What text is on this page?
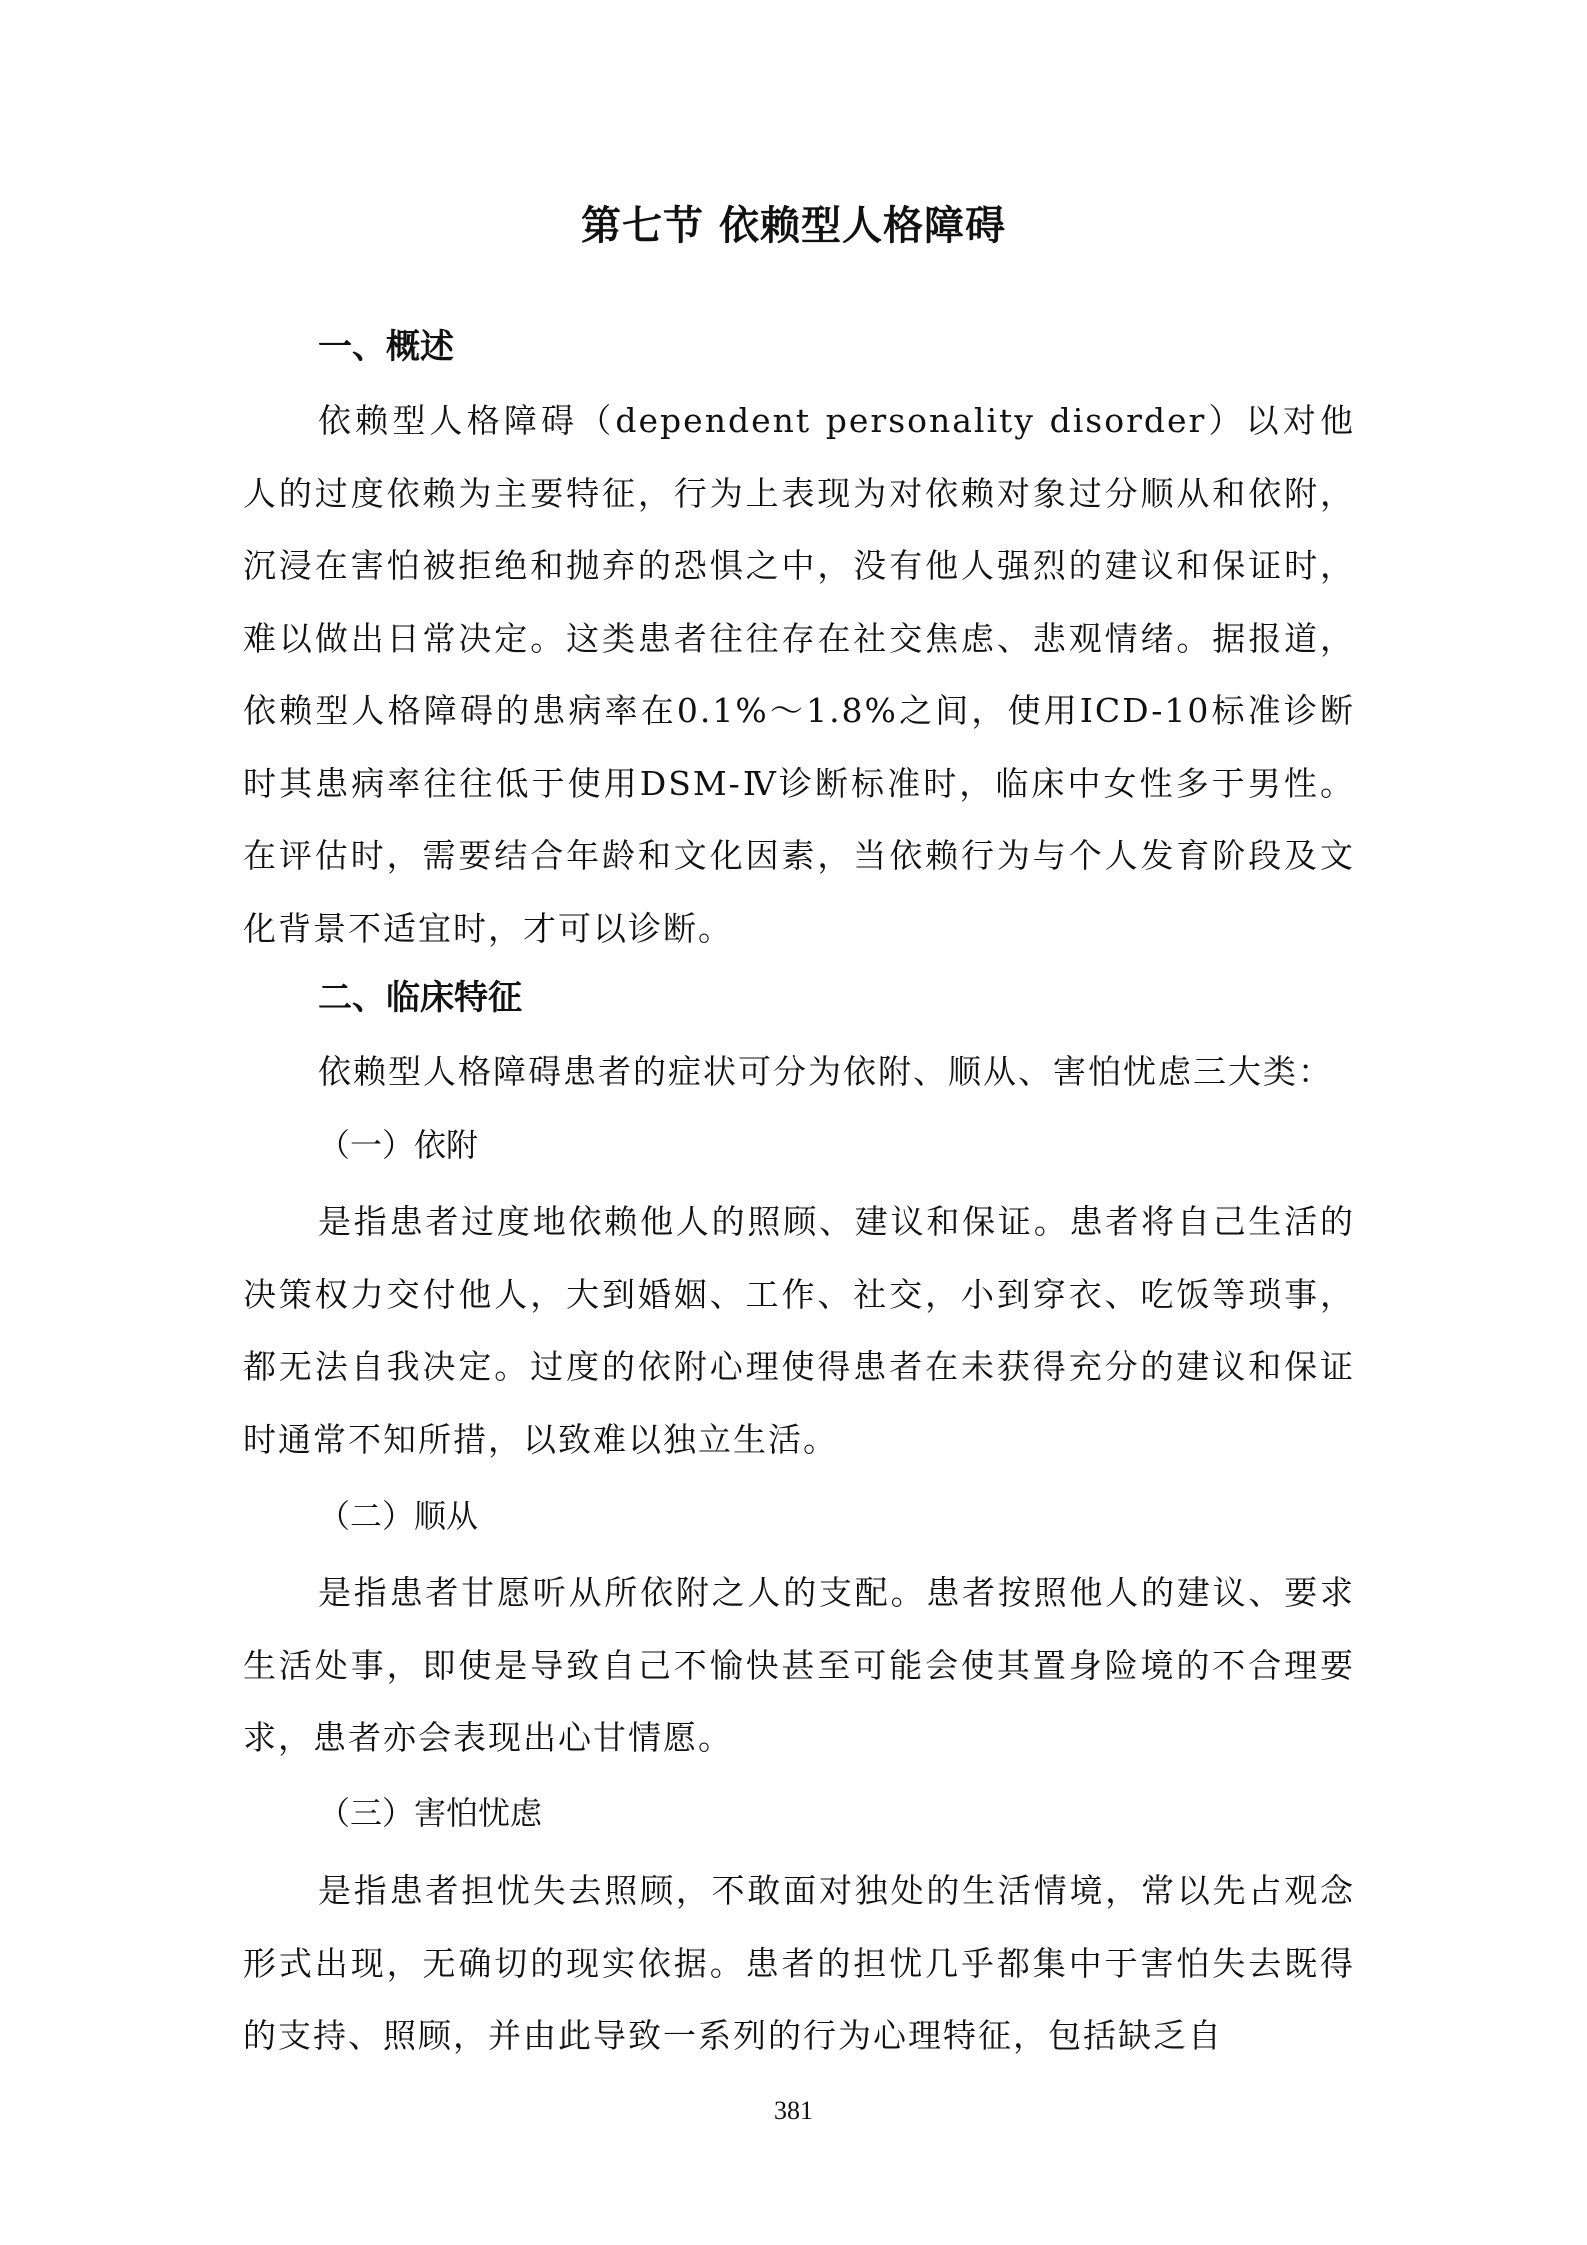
第七节 依赖型人格障碍
一、概述

依赖型人格障碍（dependent personality disorder）以对他人的过度依赖为主要特征，行为上表现为对依赖对象过分顺从和依附，沉浸在害怕被拒绝和抛弃的恐惧之中，没有他人强烈的建议和保证时，难以做出日常决定。这类患者往往存在社交焦虑、悲观情绪。据报道，依赖型人格障碍的患病率在0.1%～1.8%之间，使用ICD-10标准诊断时其患病率往往低于使用DSM-Ⅳ诊断标准时，临床中女性多于男性。在评估时，需要结合年龄和文化因素，当依赖行为与个人发育阶段及文化背景不适宜时，才可以诊断。

二、临床特征

依赖型人格障碍患者的症状可分为依附、顺从、害怕忧虑三大类：

（一）依附

是指患者过度地依赖他人的照顾、建议和保证。患者将自己生活的决策权力交付他人，大到婚姻、工作、社交，小到穿衣、吃饭等琐事，都无法自我决定。过度的依附心理使得患者在未获得充分的建议和保证时通常不知所措，以致难以独立生活。

（二）顺从

是指患者甘愿听从所依附之人的支配。患者按照他人的建议、要求生活处事，即使是导致自己不愉快甚至可能会使其置身险境的不合理要求，患者亦会表现出心甘情愿。

（三）害怕忧虑

是指患者担忧失去照顾，不敢面对独处的生活情境，常以先占观念形式出现，无确切的现实依据。患者的担忧几乎都集中于害怕失去既得的支持、照顾，并由此导致一系列的行为心理特征，包括缺乏自

381
